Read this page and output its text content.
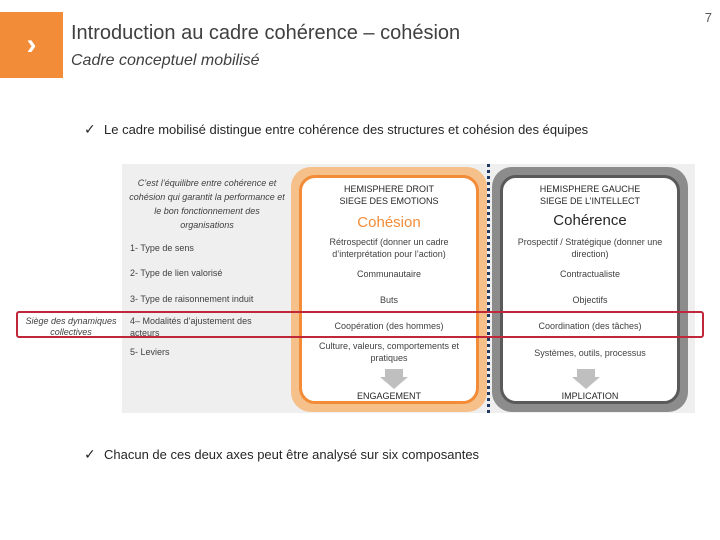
›
7
Introduction au cadre cohérence – cohésion
Cadre conceptuel mobilisé
✓ Le cadre mobilisé distingue entre cohérence des structures et cohésion des équipes
C’est l’équilibre entre cohérence et cohésion qui garantit la performance et le bon fonctionnement des organisations
1- Type de sens
2- Type de lien valorisé
3- Type de raisonnement induit
4– Modalités d’ajustement des acteurs
5- Leviers
Siège des dynamiques
collectives
HEMISPHERE DROIT
SIEGE DES EMOTIONS
Cohésion
Rétrospectif (donner un cadre d’interprétation pour l’action)
Communautaire
Buts
Coopération (des hommes)
Culture, valeurs, comportements et pratiques
ENGAGEMENT
HEMISPHERE GAUCHE
SIEGE DE L’INTELLECT
Cohérence
Prospectif / Stratégique (donner une direction)
Contractualiste
Objectifs
Coordination (des tâches)
Systèmes, outils, processus
IMPLICATION
✓ Chacun de ces deux axes peut être analysé sur six composantes
